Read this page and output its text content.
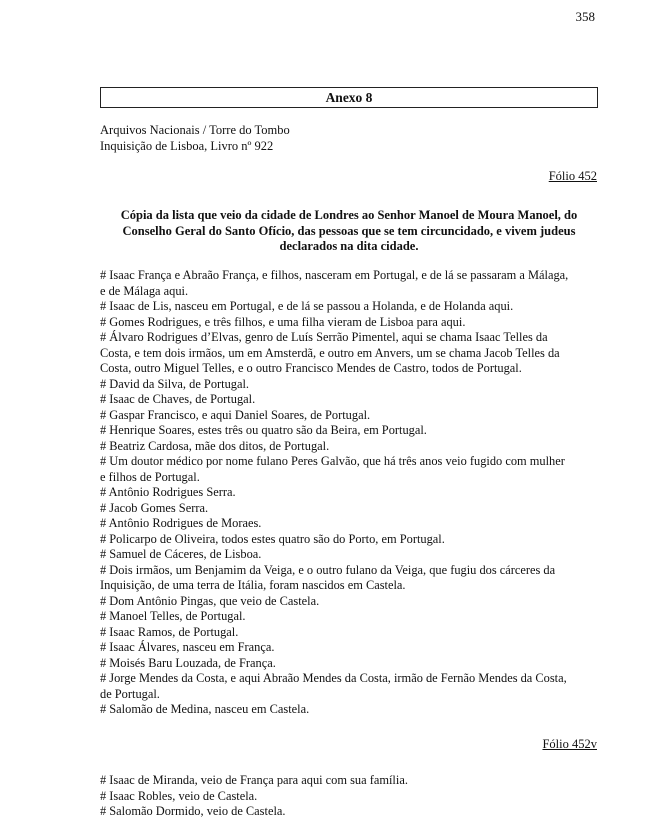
358
Anexo 8
Arquivos Nacionais / Torre do Tombo
Inquisição de Lisboa, Livro nº 922
Fólio 452
Cópia da lista que veio da cidade de Londres ao Senhor Manoel de Moura Manoel, do
Conselho Geral do Santo Ofício, das pessoas que se tem circuncidado, e vivem judeus
declarados na dita cidade.
# Isaac França e Abraão França, e filhos, nasceram em Portugal, e de lá se passaram a Málaga,
e de Málaga aqui.
# Isaac de Lis, nasceu em Portugal, e de lá se passou a Holanda, e de Holanda aqui.
# Gomes Rodrigues, e três filhos, e uma filha vieram de Lisboa para aqui.
# Álvaro Rodrigues d’Elvas, genro de Luís Serrão Pimentel, aqui se chama Isaac Telles da
Costa, e tem dois irmãos, um em Amsterdã, e outro em Anvers, um se chama Jacob Telles da
Costa, outro Miguel Telles, e o outro Francisco Mendes de Castro, todos de Portugal.
# David da Silva, de Portugal.
# Isaac de Chaves, de Portugal.
# Gaspar Francisco, e aqui Daniel Soares, de Portugal.
# Henrique Soares, estes três ou quatro são da Beira, em Portugal.
# Beatriz Cardosa, mãe dos ditos, de Portugal.
# Um doutor médico por nome fulano Peres Galvão, que há três anos veio fugido com mulher
e filhos de Portugal.
# Antônio Rodrigues Serra.
# Jacob Gomes Serra.
# Antônio Rodrigues de Moraes.
# Policarpo de Oliveira, todos estes quatro são do Porto, em Portugal.
# Samuel de Cáceres, de Lisboa.
# Dois irmãos, um Benjamim da Veiga, e o outro fulano da Veiga, que fugiu dos cárceres da
Inquisição, de uma terra de Itália, foram nascidos em Castela.
# Dom Antônio Pingas, que veio de Castela.
# Manoel Telles, de Portugal.
# Isaac Ramos, de Portugal.
# Isaac Álvares, nasceu em França.
# Moisés Baru Louzada, de França.
# Jorge Mendes da Costa, e aqui Abraão Mendes da Costa, irmão de Fernão Mendes da Costa,
de Portugal.
# Salomão de Medina, nasceu em Castela.
Fólio 452v
# Isaac de Miranda, veio de França para aqui com sua família.
# Isaac Robles, veio de Castela.
# Salomão Dormido, veio de Castela.
